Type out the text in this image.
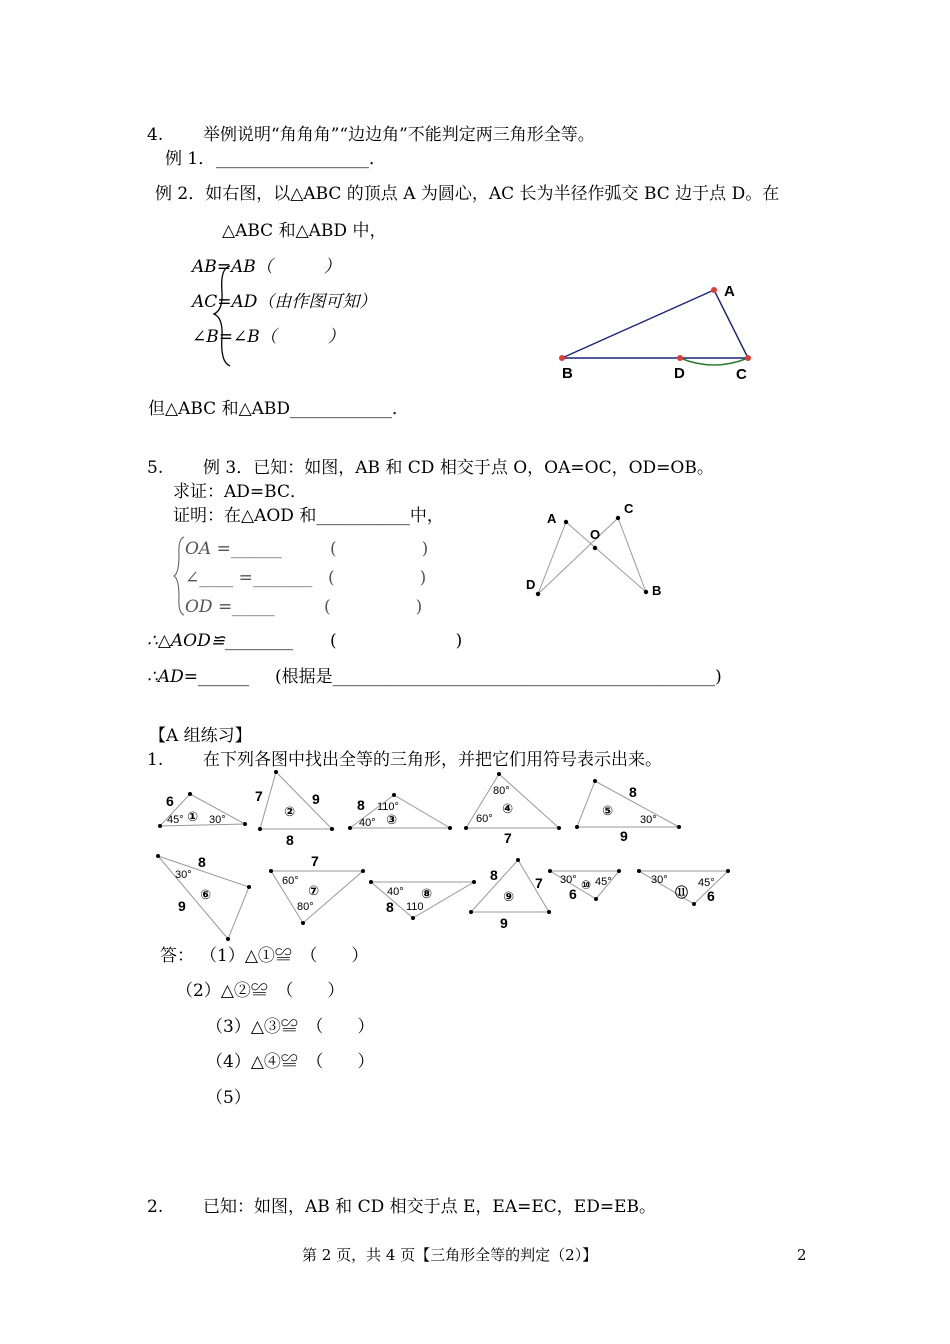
4. 举例说明“角角角”“边边角”不能判定两三角形全等。
例 1． __________________．
例 2．如右图，以△ABC 的顶点 A 为圆心，AC 长为半径作弧交 BC 边于点 D。在
△ABC 和△ABD 中，
AB=AB（　　　）
AC=AD（由作图可知）
∠B=∠B（　　　）
但△ABC 和△ABD____________．
A
B	D	C
5. 例 3．已知：如图，AB 和 CD 相交于点 O，OA=OC，OD=OB。
求证：AD=BC．
证明：在△AOD 和___________中，
OA =______	(　　　　　)
∠____ =_______ (　　　　　)
OD =_____	(　　　　　)
∴△AOD≌________ (　　　　　　　)
∴AD=______ (根据是_____________________________________________)
A
C
O
D	B
【A 组练习】
1. 在下列各图中找出全等的三角形，并把它们用符号表示出来。
6
45° ① 30°
7	9
②
8
8 110°
40° ③
80°
60°
④
7
8
⑤
30°
9
8
30°
⑥
9
7
60°
⑦
80°
40° ⑧
8 110
8	7
⑨
9
30° 45°
6
⑩	30°	45°
⑪ 6
答： （1）△①≌　（　　）
（2）△②≌　（　　）
（3）△③≌　（　　）
（4）△④≌　（　　）
（5）
2. 已知：如图，AB 和 CD 相交于点 E，EA=EC，ED=EB。
第 2 页，共 4 页【三角形全等的判定（2）】	2
